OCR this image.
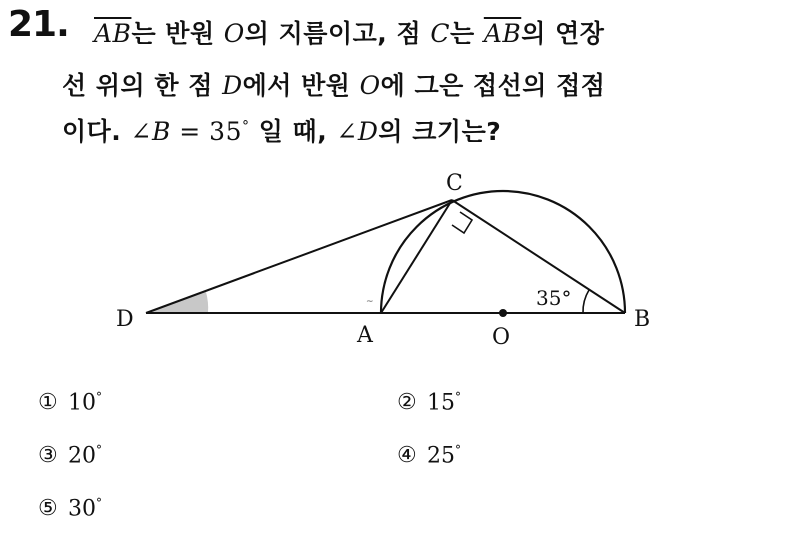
21. $\overline{AB}$는 반원 O의 지름이고, 점 C는 $\overline{AB}$의 연장
선 위의 한 점 D에서 반원 O에 그은 접선의 접점
이다. ∠B = 35° 일 때, ∠D의 크기는?
~
C
D
A	O
B
35°
① 10°	② 15°
③ 20°	④ 25°
⑤ 30°
